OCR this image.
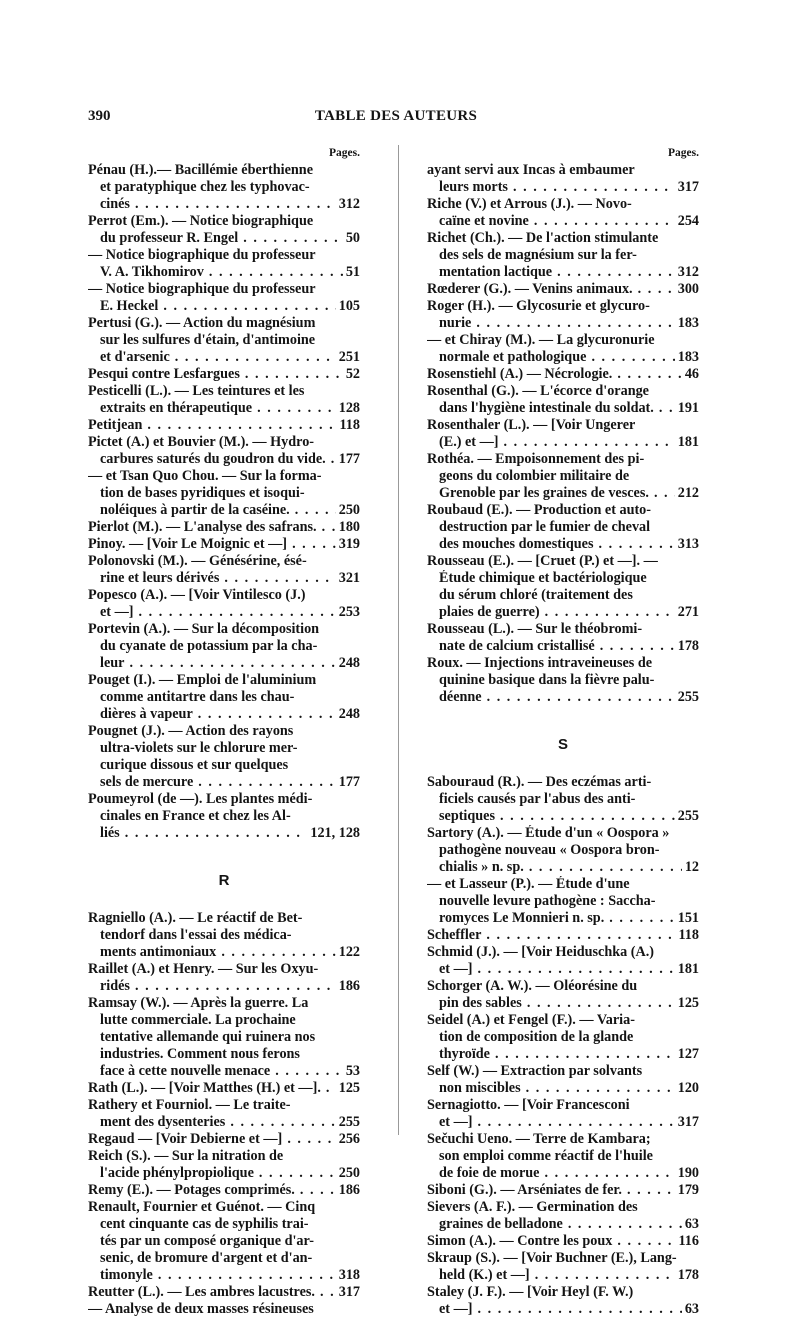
390	TABLE DES AUTEURS
Pages.
Pénau (H.).— Bacillémie éberthienne
et paratyphique chez les typhovac-
cinés . . .	312
Perrot (Em.). — Notice biographique
du professeur R. Engel . . .	50
— Notice biographique du professeur
V. A. Tikhomirov . . .	51
— Notice biographique du professeur
E. Heckel . . .	105
Pertusi (G.). — Action du magnésium
sur les sulfures d'étain, d'antimoine
et d'arsenic . . .	251
Pesqui contre Lesfargues . . .	52
Pesticelli (L.). — Les teintures et les
extraits en thérapeutique . . .	128
Petitjean . . .	118
Pictet (A.) et Bouvier (M.). — Hydro-
carbures saturés du goudron du vide. . . . 177
— et Tsan Quo Chou. — Sur la forma-
tion de bases pyridiques et isoqui-
noléiques à partir de la caséine. . . .	250
Pierlot (M.). — L'analyse des safrans. . . . 180
Pinoy. — [Voir Le Moignic et —] . . .	319
Polonovski (M.). — Génésérine, ésé-
rine et leurs dérivés . . .	321
Popesco (A.). — [Voir Vintilesco (J.)
et —] . . .	253
Portevin (A.). — Sur la décomposition
du cyanate de potassium par la cha-
leur . . .	248
Pouget (I.). — Emploi de l'aluminium
comme antitartre dans les chau-
dières à vapeur . . .	248
Pougnet (J.). — Action des rayons
ultra-violets sur le chlorure mer-
curique dissous et sur quelques
sels de mercure . . .	177
Poumeyrol (de —). Les plantes médi-
cinales en France et chez les Al-
liés . . .	121, 128
R
Ragniello (A.). — Le réactif de Bet-
tendorf dans l'essai des médica-
ments antimoniaux . . .	122
Raillet (A.) et Henry. — Sur les Oxyu-
ridés . . .	186
Ramsay (W.). — Après la guerre. La
lutte commerciale. La prochaine
tentative allemande qui ruinera nos
industries. Comment nous ferons
face à cette nouvelle menace . . .	53
Rath (L.). — [Voir Matthes (H.) et —]. . . . 125
Rathery et Fourniol. — Le traite-
ment des dysenteries . . .	255
Regaud — [Voir Debierne et —] . . .	256
Reich (S.). — Sur la nitration de
l'acide phénylpropiolique . . .	250
Remy (E.). — Potages comprimés. . . .	186
Renault, Fournier et Guénot. — Cinq
cent cinquante cas de syphilis trai-
tés par un composé organique d'ar-
senic, de bromure d'argent et d'an-
timonyle . . .	318
Reutter (L.). — Les ambres lacustres. . . . 317
— Analyse de deux masses résineuses
Pages.
ayant servi aux Incas à embaumer
leurs morts . . .	317
Riche (V.) et Arrous (J.). — Novo-
caïne et novine . . .	254
Richet (Ch.). — De l'action stimulante
des sels de magnésium sur la fer-
mentation lactique . . .	312
Rœderer (G.). — Venins animaux. . . .	300
Roger (H.). — Glycosurie et glycuro-
nurie . . .	183
— et Chiray (M.). — La glycuronurie
normale et pathologique . . .	183
Rosenstiehl (A.) — Nécrologie. . . .	46
Rosenthal (G.). — L'écorce d'orange
dans l'hygiène intestinale du soldat. . . . 191
Rosenthaler (L.). — [Voir Ungerer
(E.) et —] . . .	181
Rothéa. — Empoisonnement des pi-
geons du colombier militaire de
Grenoble par les graines de vesces. . . . 212
Roubaud (E.). — Production et auto-
destruction par le fumier de cheval
des mouches domestiques . . .	313
Rousseau (E.). — [Cruet (P.) et —]. —
Étude chimique et bactériologique
du sérum chloré (traitement des
plaies de guerre) . . .	271
Rousseau (L.). — Sur le théobromi-
nate de calcium cristallisé . . .	178
Roux. — Injections intraveineuses de
quinine basique dans la fièvre palu-
déenne . . .	255
S
Sabouraud (R.). — Des eczémas arti-
ficiels causés par l'abus des anti-
septiques . . .	255
Sartory (A.). — Étude d'un « Oospora »
pathogène nouveau « Oospora bron-
chialis » n. sp. . . .	12
— et Lasseur (P.). — Étude d'une
nouvelle levure pathogène : Saccha-
romyces Le Monnieri n. sp. . . .	151
Scheffler . . .	118
Schmid (J.). — [Voir Heiduschka (A.)
et —] . . .	181
Schorger (A. W.). — Oléorésine du
pin des sables . . .	125
Seidel (A.) et Fengel (F.). — Varia-
tion de composition de la glande
thyroïde . . .	127
Self (W.) — Extraction par solvants
non miscibles . . .	120
Sernagiotto. — [Voir Francesconi
et —] . . .	317
Sečuchi Ueno. — Terre de Kambara;
son emploi comme réactif de l'huile
de foie de morue . . .	190
Siboni (G.). — Arséniates de fer. . . .	179
Sievers (A. F.). — Germination des
graines de belladone . . .	63
Simon (A.). — Contre les poux . . .	116
Skraup (S.). — [Voir Buchner (E.), Lang-
held (K.) et —] . . .	178
Staley (J. F.). — [Voir Heyl (F. W.)
et —] . . .	63
